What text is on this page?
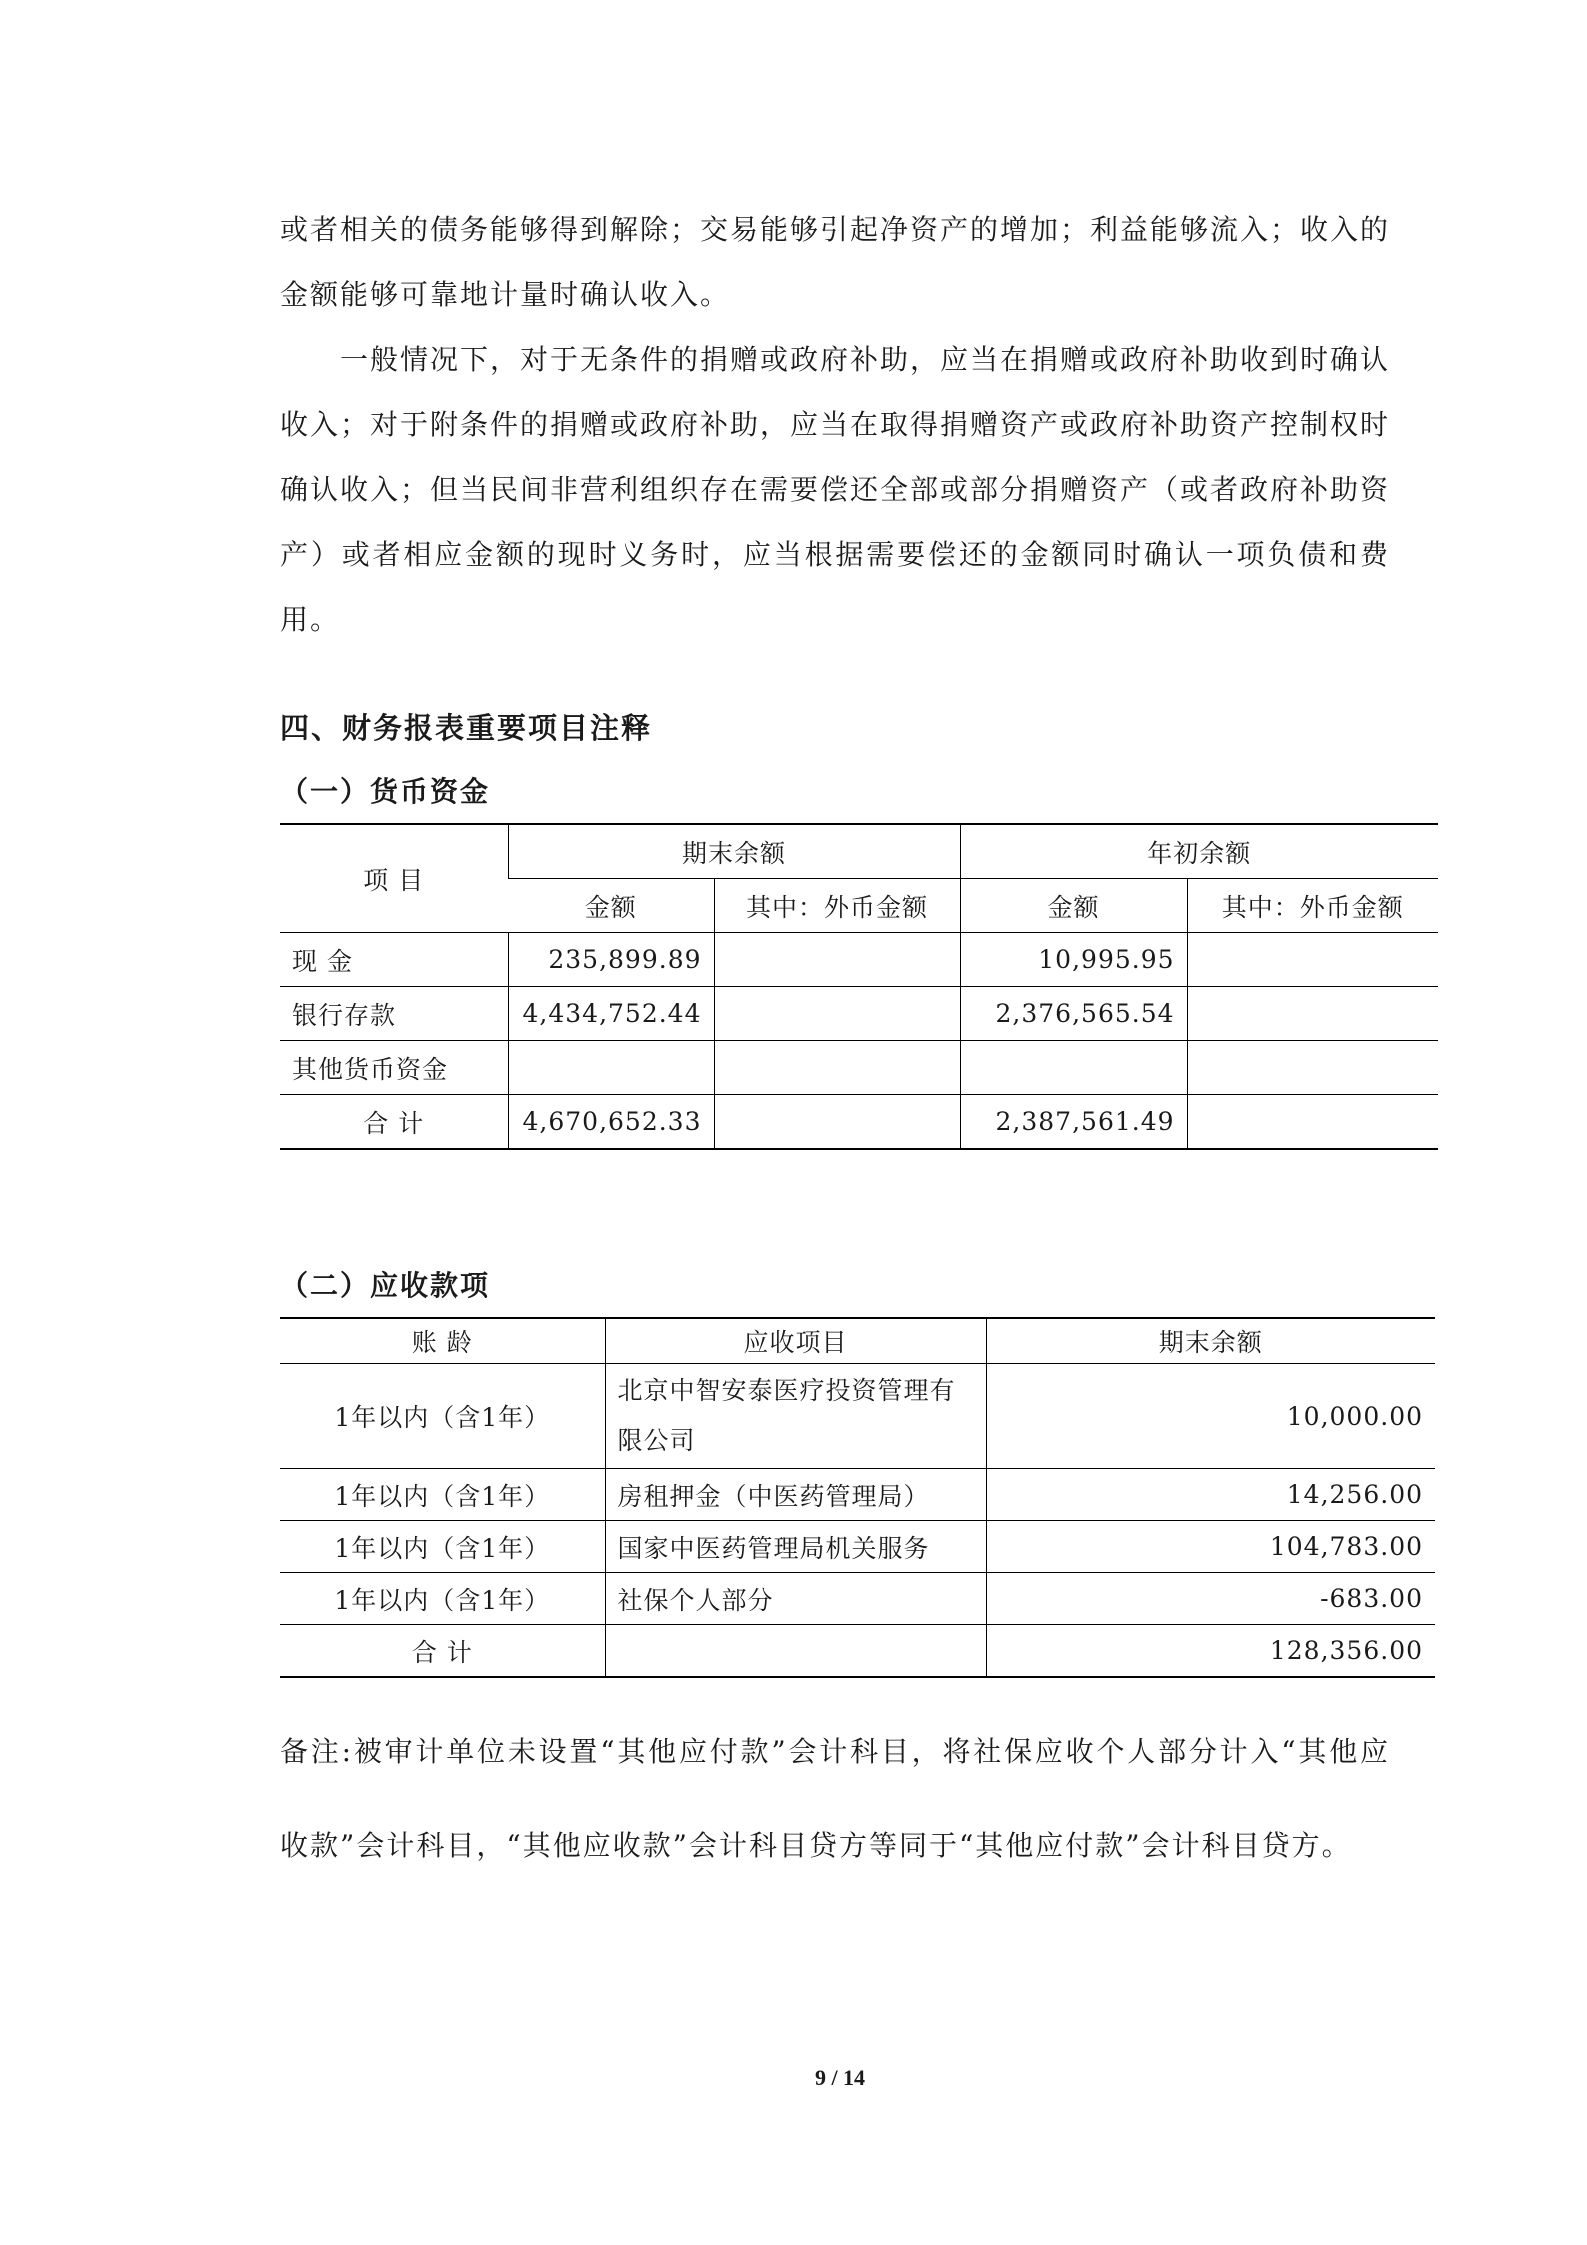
或者相关的债务能够得到解除；交易能够引起净资产的增加；利益能够流入；收入的金额能够可靠地计量时确认收入。

一般情况下，对于无条件的捐赠或政府补助，应当在捐赠或政府补助收到时确认收入；对于附条件的捐赠或政府补助，应当在取得捐赠资产或政府补助资产控制权时确认收入；但当民间非营利组织存在需要偿还全部或部分捐赠资产（或者政府补助资产）或者相应金额的现时义务时，应当根据需要偿还的金额同时确认一项负债和费用。

四、财务报表重要项目注释
（一）货币资金
项 目	期末余额		年初余额	
	金额	其中：外币金额	金额	其中：外币金额
现 金	235,899.89		10,995.95	
银行存款	4,434,752.44		2,376,565.54	
其他货币资金				
合 计	4,670,652.33		2,387,561.49	
（二）应收款项
账 龄	应收项目	期末余额
1年以内（含1年）	北京中智安泰医疗投资管理有限公司	10,000.00
1年以内（含1年）	房租押金（中医药管理局）	14,256.00
1年以内（含1年）	国家中医药管理局机关服务	104,783.00
1年以内（含1年）	社保个人部分	-683.00
合 计		128,356.00

备注:被审计单位未设置“其他应付款”会计科目，将社保应收个人部分计入“其他应收款”会计科目，“其他应收款”会计科目贷方等同于“其他应付款”会计科目贷方。

9 / 14
